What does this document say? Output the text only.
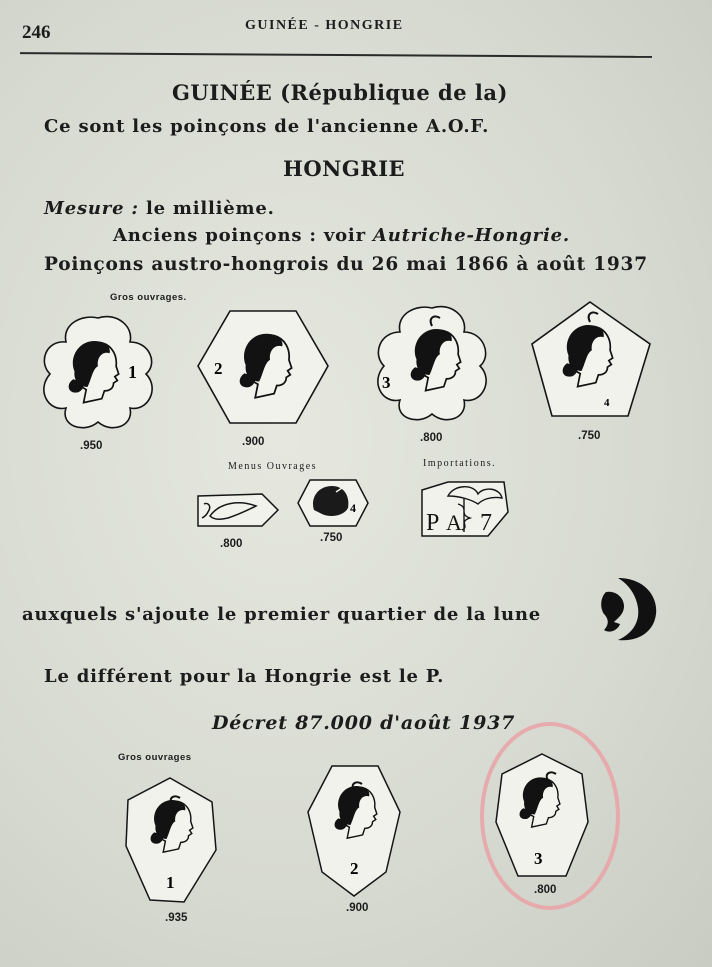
246	GUINÉE - HONGRIE
GUINÉE (République de la)
Ce sont les poinçons de l'ancienne A.O.F.
HONGRIE
Mesure : le millième.
Anciens poinçons : voir Autriche-Hongrie.
Poinçons austro-hongrois du 26 mai 1866 à août 1937
Gros ouvrages.
1
.950
2
.900
3
.800
4
.750
Menus Ouvrages	Importations.
.800
4
.750
P A 7
auxquels s'ajoute le premier quartier de la lune
Le différent pour la Hongrie est le P.
Décret 87.000 d'août 1937
Gros ouvrages
1
.935
2
.900
3
.800
